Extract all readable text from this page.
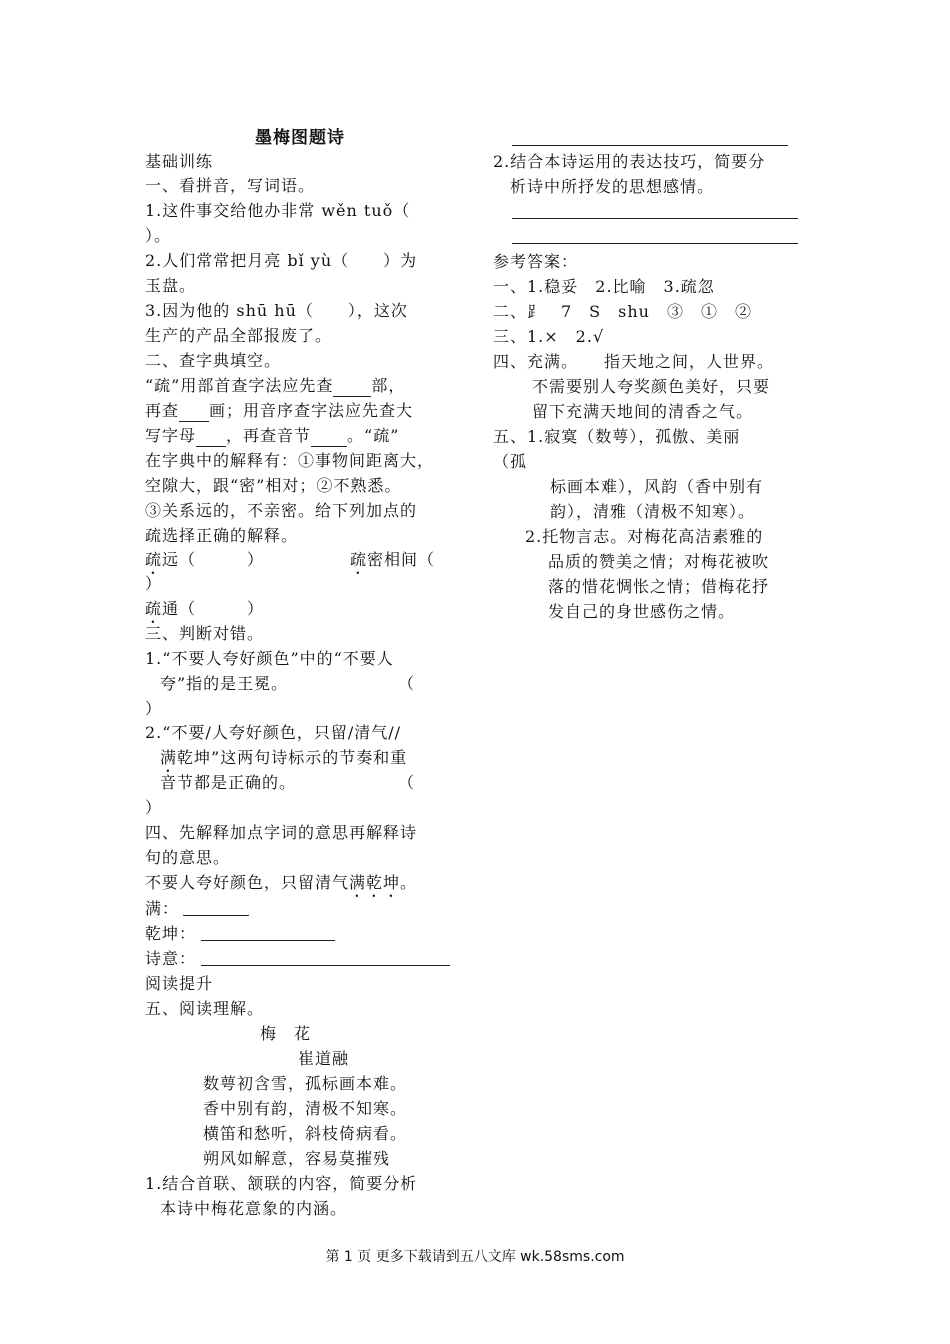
墨梅图题诗
基础训练
一、看拼音，写词语。
1.这件事交给他办非常 wěn tuǒ（
）。
2.人们常常把月亮 bǐ yù（　　）为
玉盘。
3.因为他的 shū hū（　　），这次
生产的产品全部报废了。
二、查字典填空。
“疏”用部首查字法应先查 部，
再查 画；用音序查字法应先查大
写字母 ，再查音节 。“疏”
在字典中的解释有：①事物间距离大，
空隙大，跟“密”相对；②不熟悉。
③关系远的，不亲密。给下列加点的
疏选择正确的解释。
疏远（　　　）	疏密相间（
）
疏通（　　　）
三、判断对错。
1.“不要人夸好颜色”中的“不要人
夸”指的是王冕。	（
）
2.“不要/人夸好颜色，只留/清气//
满乾坤”这两句诗标示的节奏和重
音节都是正确的。	（
）
四、先解释加点字词的意思再解释诗
句的意思。
不要人夸好颜色，只留清气满乾坤。
满：
乾坤：
诗意：
阅读提升
五、阅读理解。
梅　花
崔道融
数萼初含雪，孤标画本难。
香中别有韵，清极不知寒。
横笛和愁听，斜枝倚病看。
朔风如解意，容易莫摧残
1.结合首联、颔联的内容，简要分析
本诗中梅花意象的内涵。
2.结合本诗运用的表达技巧，简要分
析诗中所抒发的思想感情。
参考答案：
一、1.稳妥　2.比喻　3.疏忽
二、⻊　7　S　shu　③　①　②
三、1.×　2.√
四、充满。　　指天地之间，人世界。
不需要别人夸奖颜色美好，只要
留下充满天地间的清香之气。
五、1.寂寞（数萼），孤傲、美丽
（孤
标画本难），风韵（香中别有
韵），清雅（清极不知寒）。
2.托物言志。对梅花高洁素雅的
品质的赞美之情；对梅花被吹
落的惜花惆怅之情；借梅花抒
发自己的身世感伤之情。
第 1 页 更多下载请到五八文库 wk.58sms.com
